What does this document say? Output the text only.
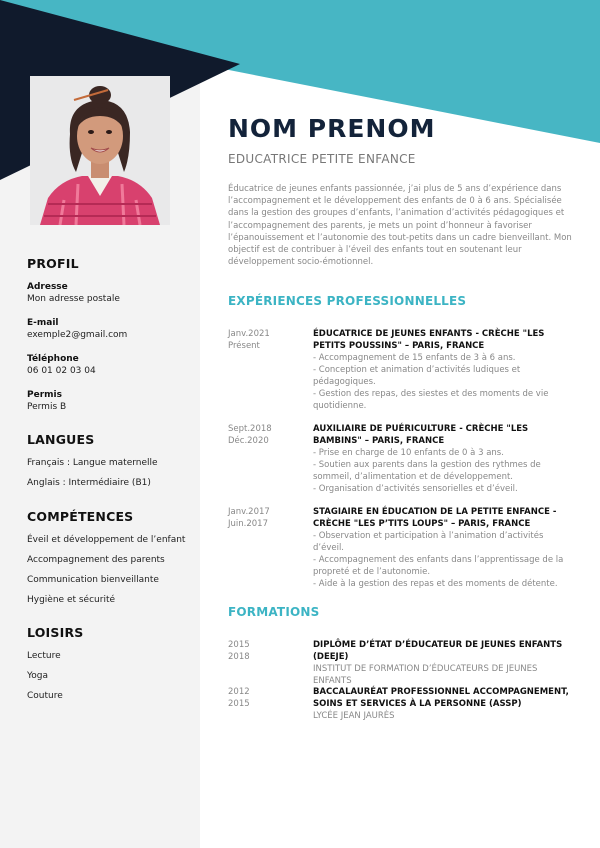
PROFIL

Adresse

Mon adresse postale

E-mail

exemple2@gmail.com

Téléphone

06 01 02 03 04

Permis

Permis B

LANGUES

Français : Langue maternelle

Anglais : Intermédiaire (B1)

COMPÉTENCES

Éveil et développement de l’enfant

Accompagnement des parents

Communication bienveillante

Hygiène et sécurité

LOISIRS

Lecture

Yoga

Couture

NOM PRENOM

EDUCATRICE PETITE ENFANCE

Éducatrice de jeunes enfants passionnée, j’ai plus de 5 ans d’expérience dans l’accompagnement et le développement des enfants de 0 à 6 ans. Spécialisée dans la gestion des groupes d’enfants, l’animation d’activités pédagogiques et l’accompagnement des parents, je mets un point d’honneur à favoriser l’épanouissement et l’autonomie des tout-petits dans un cadre bienveillant. Mon objectif est de contribuer à l’éveil des enfants tout en soutenant leur développement socio-émotionnel.

EXPÉRIENCES PROFESSIONNELLES
Janv.2021
Présent

ÉDUCATRICE DE JEUNES ENFANTS - CRÈCHE "LES PETITS POUSSINS" – PARIS, FRANCE

- Accompagnement de 15 enfants de 3 à 6 ans.

- Conception et animation d’activités ludiques et pédagogiques.

- Gestion des repas, des siestes et des moments de vie quotidienne.

Sept.2018
Déc.2020

AUXILIAIRE DE PUÉRICULTURE - CRÈCHE "LES BAMBINS" – PARIS, FRANCE

- Prise en charge de 10 enfants de 0 à 3 ans.

- Soutien aux parents dans la gestion des rythmes de sommeil, d’alimentation et de développement.

- Organisation d’activités sensorielles et d’éveil.

Janv.2017
Juin.2017

STAGIAIRE EN ÉDUCATION DE LA PETITE ENFANCE - CRÈCHE "LES P’TITS LOUPS" – PARIS, FRANCE

- Observation et participation à l’animation d’activités d’éveil.

- Accompagnement des enfants dans l’apprentissage de la propreté et de l’autonomie.

- Aide à la gestion des repas et des moments de détente.

FORMATIONS
2015
2018

DIPLÔME D’ÉTAT D’ÉDUCATEUR DE JEUNES ENFANTS (DEEJE)

INSTITUT DE FORMATION D’ÉDUCATEURS DE JEUNES ENFANTS

2012
2015

BACCALAURÉAT PROFESSIONNEL ACCOMPAGNEMENT, SOINS ET SERVICES À LA PERSONNE (ASSP)

LYCÉE JEAN JAURÈS
